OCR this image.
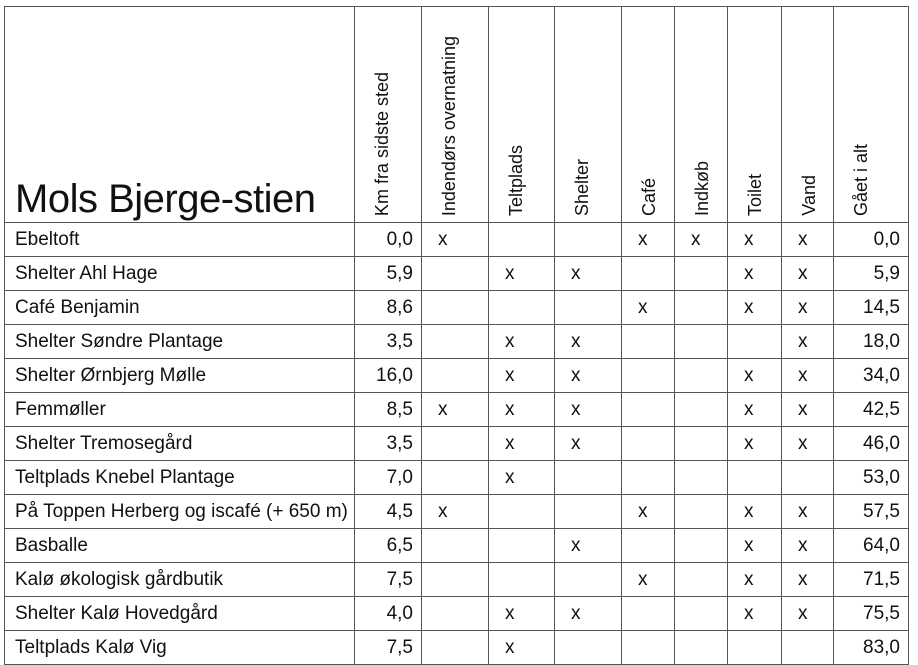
Mols Bjerge-stien	Km fra sidste sted	Indendørs overnatning	Teltplads	Shelter	Café	Indkøb	Toilet	Vand	Gået i alt
Ebeltoft	0,0	x			x	x	x	x	0,0
Shelter Ahl Hage	5,9		x	x			x	x	5,9
Café Benjamin	8,6				x		x	x	14,5
Shelter Søndre Plantage	3,5		x	x				x	18,0
Shelter Ørnbjerg Mølle	16,0		x	x			x	x	34,0
Femmøller	8,5	x	x	x			x	x	42,5
Shelter Tremosegård	3,5		x	x			x	x	46,0
Teltplads Knebel Plantage	7,0		x						53,0
På Toppen Herberg og iscafé (+ 650 m)	4,5	x			x		x	x	57,5
Basballe	6,5			x			x	x	64,0
Kalø økologisk gårdbutik	7,5				x		x	x	71,5
Shelter Kalø Hovedgård	4,0		x	x			x	x	75,5
Teltplads Kalø Vig	7,5		x						83,0
